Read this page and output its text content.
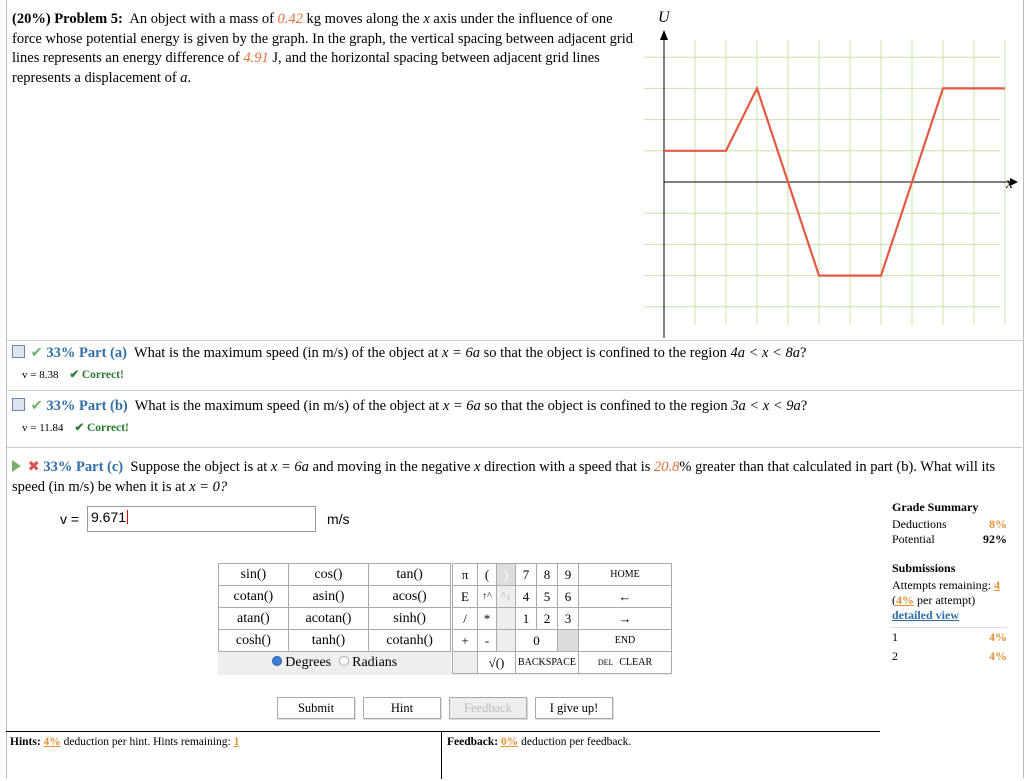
(20%) Problem 5: An object with a mass of 0.42 kg moves along the x axis under the influence of one force whose potential energy is given by the graph. In the graph, the vertical spacing between adjacent grid lines represents an energy difference of 4.91 J, and the horizontal spacing between adjacent grid lines represents a displacement of a.
U
x
✔ 33% Part (a) What is the maximum speed (in m/s) of the object at x = 6a so that the object is confined to the region 4a < x < 8a?
v = 8.38 ✔ Correct!
✔ 33% Part (b) What is the maximum speed (in m/s) of the object at x = 6a so that the object is confined to the region 3a < x < 9a?
v = 11.84 ✔ Correct!
✖ 33% Part (c) Suppose the object is at x = 6a and moving in the negative x direction with a speed that is 20.8% greater than that calculated in part (b). What will its speed (in m/s) be when it is at x = 0?
v = 9.671	m/s
sin()	cos()	tan()
cotan()	asin()	acos()
atan()	acotan()	sinh()
cosh()	tanh()	cotanh()
Degrees Radians
π	(	)	7	8	9	HOME
E	↑^	^↓	4	5	6	←
/	*		1	2	3	→
+	-		0			END
	√()		BACKSPACE			DEL CLEAR
Submit	Hint	Feedback	I give up!
Grade Summary
Deductions	8%
Potential	92%
Submissions
Attempts remaining: 4
(4% per attempt)
detailed view
1	4%
2	4%
Hints: 4% deduction per hint. Hints remaining: 1	Feedback: 0% deduction per feedback.
